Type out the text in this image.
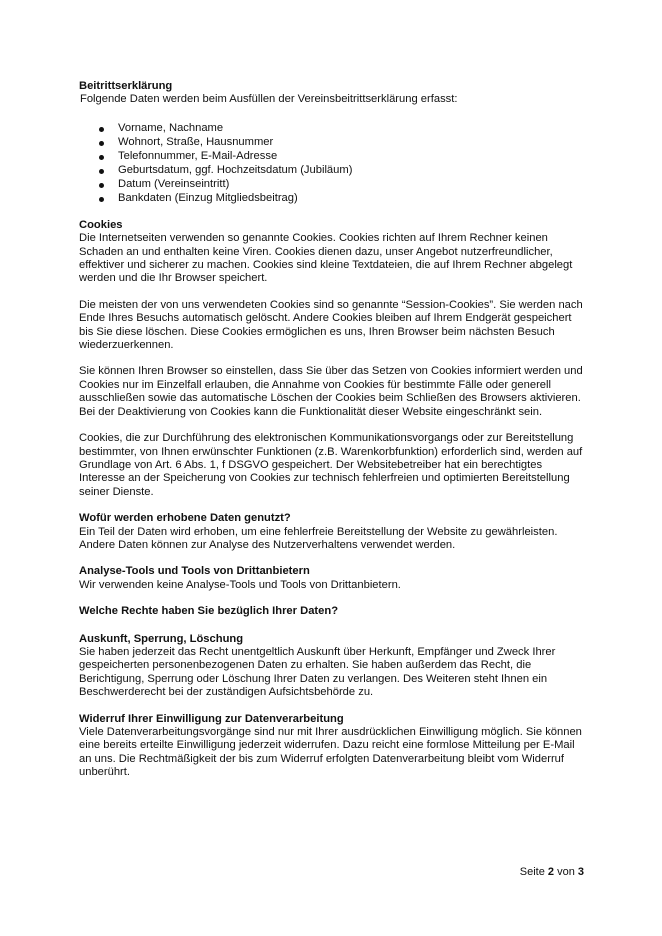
Beitrittserklärung

Folgende Daten werden beim Ausfüllen der Vereinsbeitrittserklärung erfasst:

Vorname, Nachname
Wohnort, Straße, Hausnummer
Telefonnummer, E-Mail-Adresse
Geburtsdatum, ggf. Hochzeitsdatum (Jubiläum)
Datum (Vereinseintritt)
Bankdaten (Einzug Mitgliedsbeitrag)

Cookies

Die Internetseiten verwenden so genannte Cookies. Cookies richten auf Ihrem Rechner keinen
Schaden an und enthalten keine Viren. Cookies dienen dazu, unser Angebot nutzerfreundlicher,
effektiver und sicherer zu machen. Cookies sind kleine Textdateien, die auf Ihrem Rechner abgelegt
werden und die Ihr Browser speichert.

Die meisten der von uns verwendeten Cookies sind so genannte “Session-Cookies”. Sie werden nach
Ende Ihres Besuchs automatisch gelöscht. Andere Cookies bleiben auf Ihrem Endgerät gespeichert
bis Sie diese löschen. Diese Cookies ermöglichen es uns, Ihren Browser beim nächsten Besuch
wiederzuerkennen.

Sie können Ihren Browser so einstellen, dass Sie über das Setzen von Cookies informiert werden und
Cookies nur im Einzelfall erlauben, die Annahme von Cookies für bestimmte Fälle oder generell
ausschließen sowie das automatische Löschen der Cookies beim Schließen des Browsers aktivieren.
Bei der Deaktivierung von Cookies kann die Funktionalität dieser Website eingeschränkt sein.

Cookies, die zur Durchführung des elektronischen Kommunikationsvorgangs oder zur Bereitstellung
bestimmter, von Ihnen erwünschter Funktionen (z.B. Warenkorbfunktion) erforderlich sind, werden auf
Grundlage von Art. 6 Abs. 1, f DSGVO gespeichert. Der Websitebetreiber hat ein berechtigtes
Interesse an der Speicherung von Cookies zur technisch fehlerfreien und optimierten Bereitstellung
seiner Dienste.

Wofür werden erhobene Daten genutzt?

Ein Teil der Daten wird erhoben, um eine fehlerfreie Bereitstellung der Website zu gewährleisten.
Andere Daten können zur Analyse des Nutzerverhaltens verwendet werden.

Analyse-Tools und Tools von Drittanbietern

Wir verwenden keine Analyse-Tools und Tools von Drittanbietern.

Welche Rechte haben Sie bezüglich Ihrer Daten?

Auskunft, Sperrung, Löschung

Sie haben jederzeit das Recht unentgeltlich Auskunft über Herkunft, Empfänger und Zweck Ihrer
gespeicherten personenbezogenen Daten zu erhalten. Sie haben außerdem das Recht, die
Berichtigung, Sperrung oder Löschung Ihrer Daten zu verlangen. Des Weiteren steht Ihnen ein
Beschwerderecht bei der zuständigen Aufsichtsbehörde zu.

Widerruf Ihrer Einwilligung zur Datenverarbeitung

Viele Datenverarbeitungsvorgänge sind nur mit Ihrer ausdrücklichen Einwilligung möglich. Sie können
eine bereits erteilte Einwilligung jederzeit widerrufen. Dazu reicht eine formlose Mitteilung per E-Mail
an uns. Die Rechtmäßigkeit der bis zum Widerruf erfolgten Datenverarbeitung bleibt vom Widerruf
unberührt.

Seite 2 von 3
